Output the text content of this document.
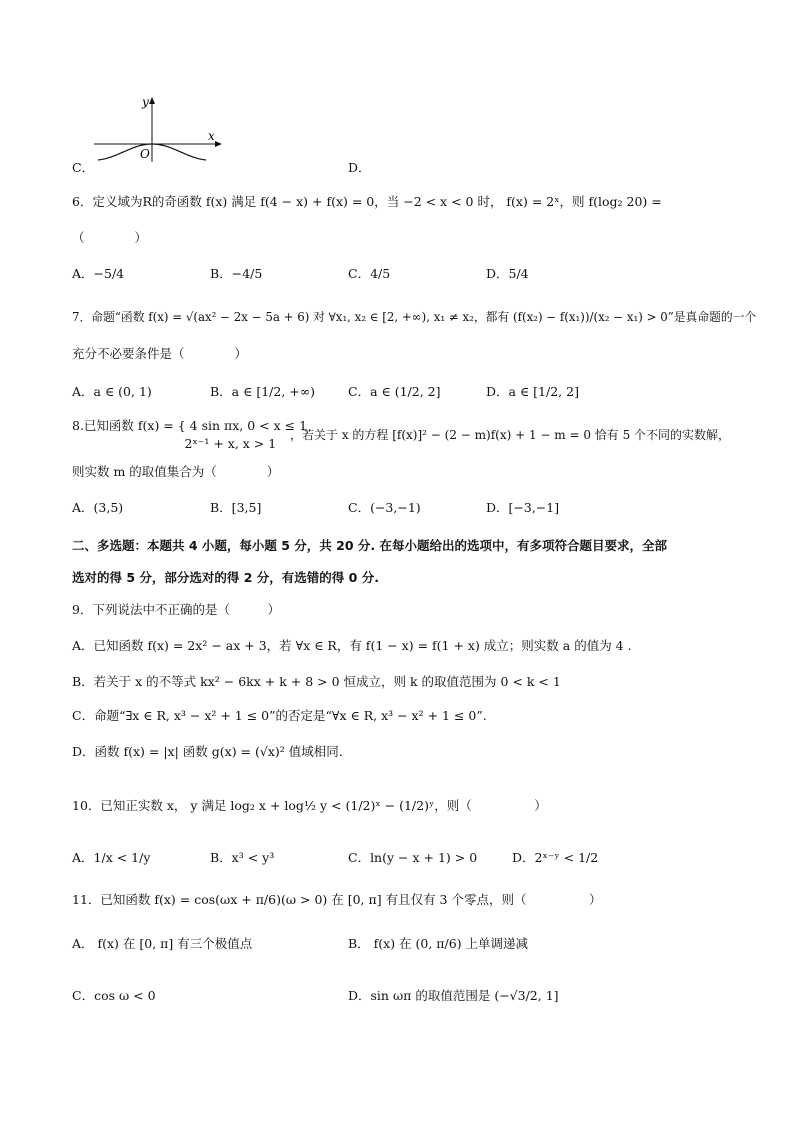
y
x
O
C．	D．
6．定义域为R的奇函数 f(x) 满足 f(4 − x) + f(x) = 0，当 −2 < x < 0 时， f(x) = 2ˣ，则 f(log₂ 20) =
（　　　　）
A．−5/4	B．−4/5	C．4/5	D．5/4
7．命题“函数 f(x) = √(ax² − 2x − 5a + 6) 对 ∀x₁, x₂ ∈ [2, +∞), x₁ ≠ x₂，都有 (f(x₂) − f(x₁))/(x₂ − x₁) > 0”是真命题的一个
充分不必要条件是（　　　　）
A．a ∈ (0, 1)	B．a ∈ [1/2, +∞)	C．a ∈ (1/2, 2]	D．a ∈ [1/2, 2]
8.已知函数 f(x) = { 4 sin πx, 0 < x ≤ 1
　　　　　　　　　2ˣ⁻¹ + x, x > 1
，若关于 x 的方程 [f(x)]² − (2 − m)f(x) + 1 − m = 0 恰有 5 个不同的实数解，
则实数 m 的取值集合为（　　　　）
A．(3,5)	B．[3,5]	C．(−3,−1)	D．[−3,−1]
二、多选题：本题共 4 小题，每小题 5 分，共 20 分. 在每小题给出的选项中，有多项符合题目要求，全部
选对的得 5 分，部分选对的得 2 分，有选错的得 0 分.
9．下列说法中不正确的是（　　　）
A．已知函数 f(x) = 2x² − ax + 3，若 ∀x ∈ R，有 f(1 − x) = f(1 + x) 成立；则实数 a 的值为 4 .
B．若关于 x 的不等式 kx² − 6kx + k + 8 > 0 恒成立，则 k 的取值范围为 0 < k < 1
C．命题“∃x ∈ R, x³ − x² + 1 ≤ 0”的否定是“∀x ∈ R, x³ − x² + 1 ≤ 0”.
D．函数 f(x) = |x| 函数 g(x) = (√x)² 值域相同.
10．已知正实数 x， y 满足 log₂ x + log½ y < (1/2)ˣ − (1/2)ʸ，则（　　　　　）
A．1/x < 1/y	B．x³ < y³	C．ln(y − x + 1) > 0	D．2ˣ⁻ʸ < 1/2
11．已知函数 f(x) = cos(ωx + π/6)(ω > 0) 在 [0, π] 有且仅有 3 个零点，则（　　　　　）
A． f(x) 在 [0, π] 有三个极值点	B． f(x) 在 (0, π/6) 上单调递减
C．cos ω < 0	D．sin ωπ 的取值范围是 (−√3/2, 1]
